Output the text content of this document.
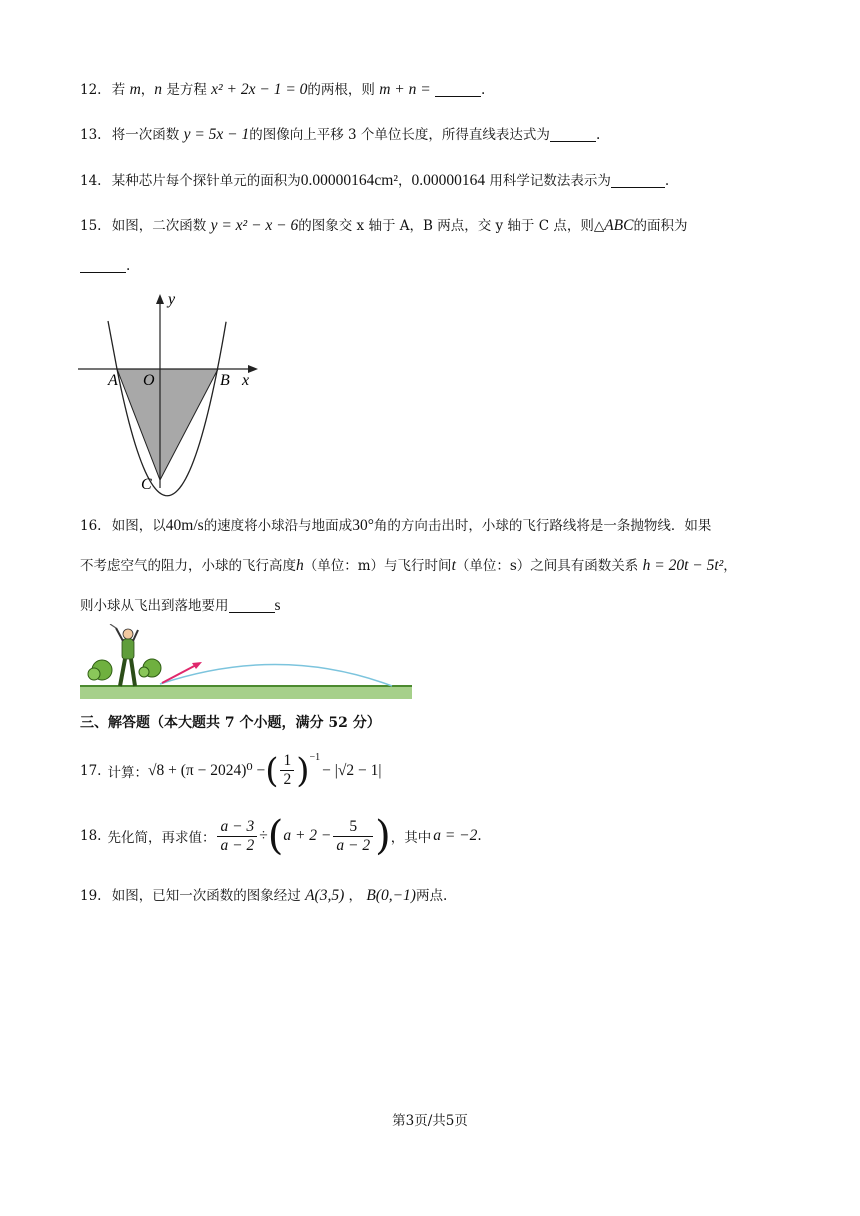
12. 若 m，n 是方程 x² + 2x − 1 = 0的两根，则 m + n =	.
13. 将一次函数 y = 5x − 1的图像向上平移 3 个单位长度，所得直线表达式为	.
14. 某种芯片每个探针单元的面积为0.00000164cm²，0.00000164 用科学记数法表示为	.
15. 如图，二次函数 y = x² − x − 6的图象交 x 轴于 A，B 两点，交 y 轴于 C 点，则△ABC的面积为
.
y
x
A O	B
C
16. 如图，以40m/s的速度将小球沿与地面成30°角的方向击出时，小球的飞行路线将是一条抛物线．如果
不考虑空气的阻力，小球的飞行高度h（单位：m）与飞行时间t（单位：s）之间具有函数关系 h = 20t − 5t²，
则小球从飞出到落地要用	s
三、解答题（本大题共 7 个小题，满分 52 分）
17. 计算： √8 + (π − 2024)⁰ − ( $\frac{1}{2} )^{-1}$
− |√2 − 1|
18. 先化简，再求值： $\frac{a - 3}{a - 2}$ ÷ ( $a + 2 - \frac{5}{a - 2}$ ) ，其中 a = −2 .
19. 如图，已知一次函数的图象经过 A(3,5) ， B(0,−1)两点.
第3页/共5页
